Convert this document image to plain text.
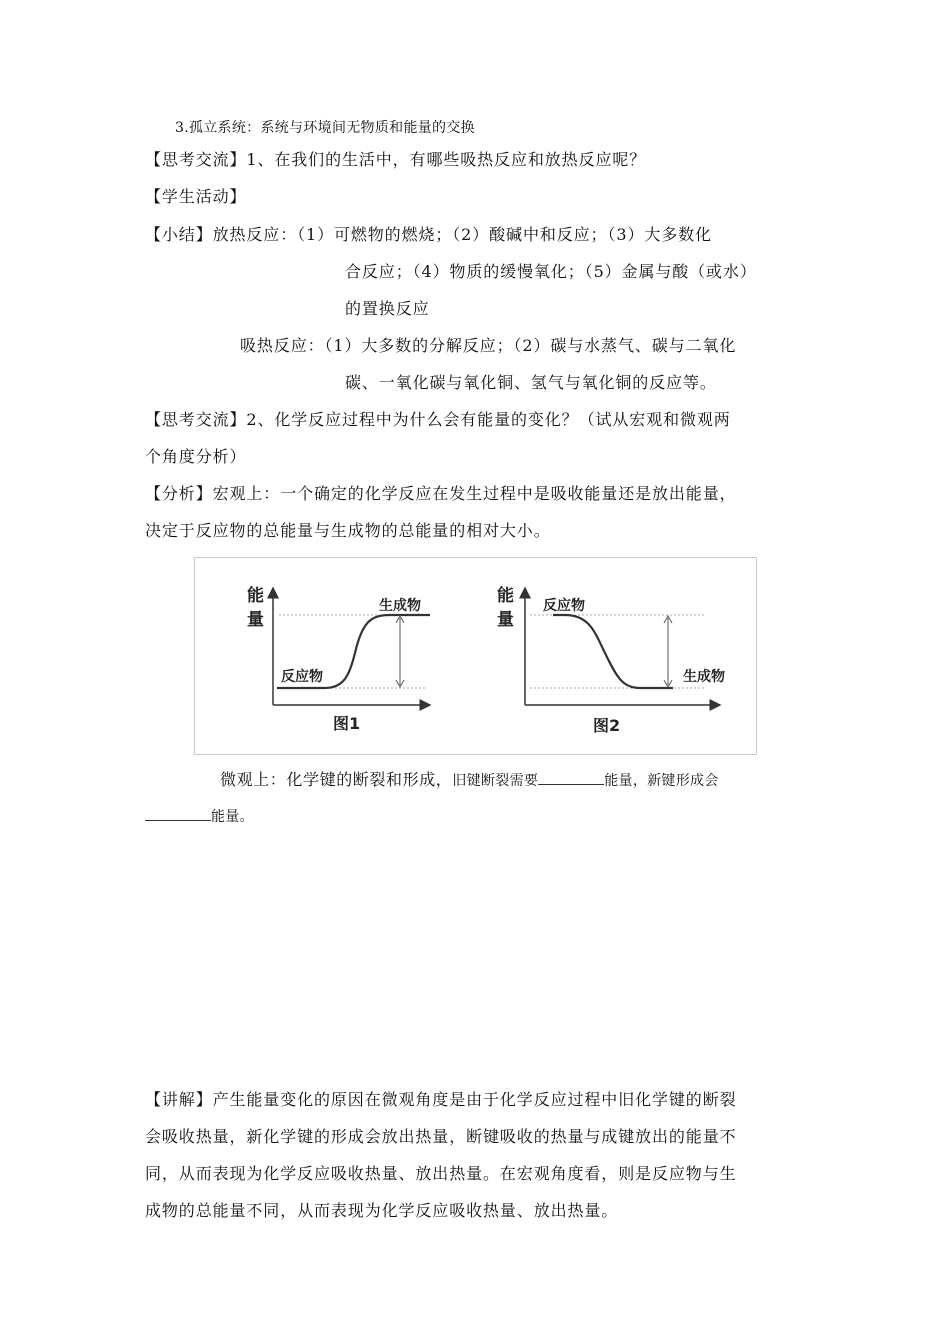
3.孤立系统：系统与环境间无物质和能量的交换
【思考交流】1、在我们的生活中，有哪些吸热反应和放热反应呢？
【学生活动】
【小结】放热反应：（1）可燃物的燃烧；（2）酸碱中和反应；（3）大多数化
合反应；（4）物质的缓慢氧化；（5）金属与酸（或水）
的置换反应
吸热反应：（1）大多数的分解反应；（2）碳与水蒸气、碳与二氧化
碳、一氧化碳与氧化铜、氢气与氧化铜的反应等。
【思考交流】2、化学反应过程中为什么会有能量的变化？（试从宏观和微观两
个角度分析）
【分析】宏观上：一个确定的化学反应在发生过程中是吸收能量还是放出能量，
决定于反应物的总能量与生成物的总能量的相对大小。
能
量
反应物
生成物
图1
能
量
反应物
生成物
图2
微观上：化学键的断裂和形成，旧键断裂需要	能量，新键形成会
能量。
【讲解】产生能量变化的原因在微观角度是由于化学反应过程中旧化学键的断裂
会吸收热量，新化学键的形成会放出热量，断键吸收的热量与成键放出的能量不
同，从而表现为化学反应吸收热量、放出热量。在宏观角度看，则是反应物与生
成物的总能量不同，从而表现为化学反应吸收热量、放出热量。
